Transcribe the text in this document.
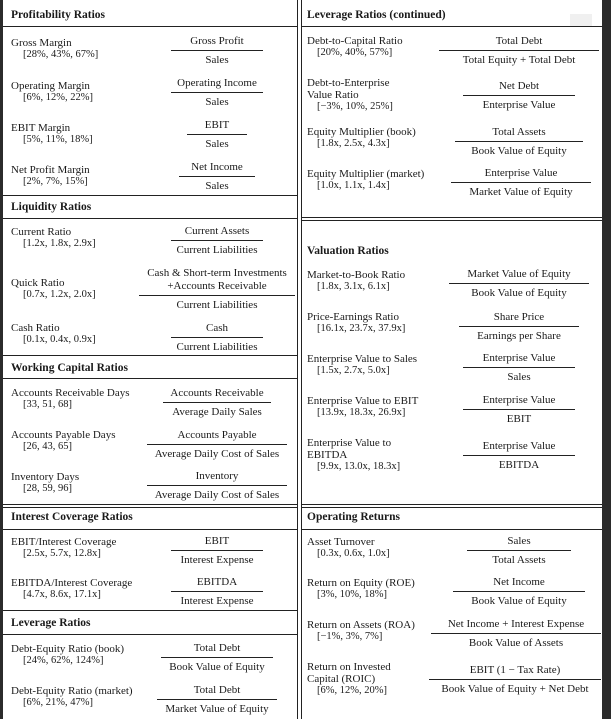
Profitability Ratios
Gross Margin
[28%, 43%, 67%]
Gross Profit
Sales
Operating Margin
[6%, 12%, 22%]
Operating Income
Sales
EBIT Margin
[5%, 11%, 18%]
EBIT
Sales
Net Profit Margin
[2%, 7%, 15%]
Net Income
Sales
Liquidity Ratios
Current Ratio
[1.2x, 1.8x, 2.9x]
Current Assets
Current Liabilities
Quick Ratio
[0.7x, 1.2x, 2.0x]
Cash & Short-term Investments
+Accounts Receivable
Current Liabilities
Cash Ratio
[0.1x, 0.4x, 0.9x]
Cash
Current Liabilities
Working Capital Ratios
Accounts Receivable Days
[33, 51, 68]
Accounts Receivable
Average Daily Sales
Accounts Payable Days
[26, 43, 65]
Accounts Payable
Average Daily Cost of Sales
Inventory Days
[28, 59, 96]
Inventory
Average Daily Cost of Sales
Interest Coverage Ratios
EBIT/Interest Coverage
[2.5x, 5.7x, 12.8x]
EBIT
Interest Expense
EBITDA/Interest Coverage
[4.7x, 8.6x, 17.1x]
EBITDA
Interest Expense
Leverage Ratios
Debt-Equity Ratio (book)
[24%, 62%, 124%]
Total Debt
Book Value of Equity
Debt-Equity Ratio (market)
[6%, 21%, 47%]
Total Debt
Market Value of Equity
Leverage Ratios (continued)
Debt-to-Capital Ratio
[20%, 40%, 57%]
Total Debt
Total Equity + Total Debt
Debt-to-Enterprise
Value Ratio
[−3%, 10%, 25%]
Net Debt
Enterprise Value
Equity Multiplier (book)
[1.8x, 2.5x, 4.3x]
Total Assets
Book Value of Equity
Equity Multiplier (market)
[1.0x, 1.1x, 1.4x]
Enterprise Value
Market Value of Equity
Valuation Ratios
Market-to-Book Ratio
[1.8x, 3.1x, 6.1x]
Market Value of Equity
Book Value of Equity
Price-Earnings Ratio
[16.1x, 23.7x, 37.9x]
Share Price
Earnings per Share
Enterprise Value to Sales
[1.5x, 2.7x, 5.0x]
Enterprise Value
Sales
Enterprise Value to EBIT
[13.9x, 18.3x, 26.9x]
Enterprise Value
EBIT
Enterprise Value to
EBITDA
[9.9x, 13.0x, 18.3x]
Enterprise Value
EBITDA
Operating Returns
Asset Turnover
[0.3x, 0.6x, 1.0x]
Sales
Total Assets
Return on Equity (ROE)
[3%, 10%, 18%]
Net Income
Book Value of Equity
Return on Assets (ROA)
[−1%, 3%, 7%]
Net Income + Interest Expense
Book Value of Assets
Return on Invested
Capital (ROIC)
[6%, 12%, 20%]
EBIT (1 − Tax Rate)
Book Value of Equity + Net Debt
